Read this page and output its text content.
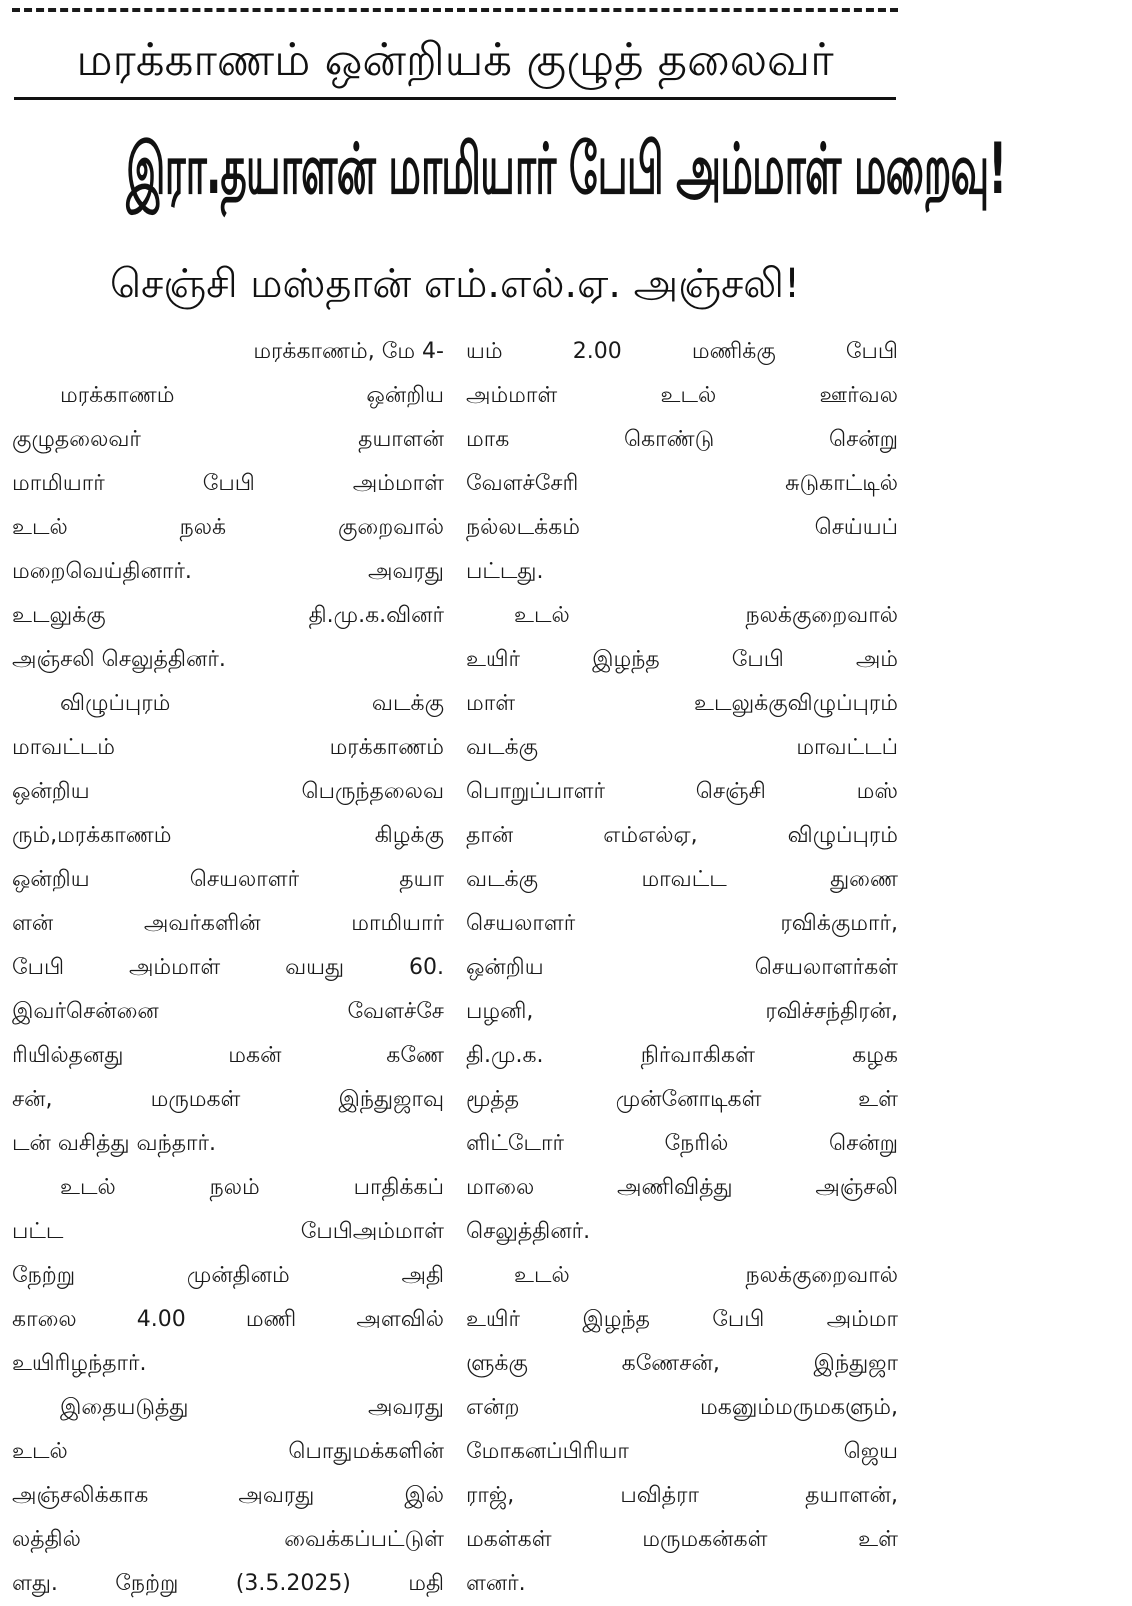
மரக்காணம் ஒன்றியக் குழுத் தலைவர்
இரா.தயாளன் மாமியார் பேபி அம்மாள் மறைவு!
செஞ்சி மஸ்தான் எம்.எல்.ஏ. அஞ்சலி!
மரக்காணம், மே 4-
மரக்காணம் ஒன்றிய
குழுதலைவர் தயாளன்
மாமியார் பேபி அம்மாள்
உடல் நலக் குறைவால்
மறைவெய்தினார். அவரது
உடலுக்கு தி.மு.க.வினர்
அஞ்சலி செலுத்தினர்.
விழுப்புரம் வடக்கு
மாவட்டம் மரக்காணம்
ஒன்றிய பெருந்தலைவ
ரும்,மரக்காணம் கிழக்கு
ஒன்றிய செயலாளர் தயா
ளன் அவர்களின் மாமியார்
பேபி அம்மாள் வயது 60.
இவர்சென்னை வேளச்சே
ரியில்தனது மகன் கணே
சன், மருமகள் இந்துஜாவு
டன் வசித்து வந்தார்.
உடல் நலம் பாதிக்கப்
பட்ட பேபிஅம்மாள்
நேற்று முன்தினம் அதி
காலை 4.00 மணி அளவில்
உயிரிழந்தார்.
இதையடுத்து அவரது
உடல் பொதுமக்களின்
அஞ்சலிக்காக அவரது இல்
லத்தில் வைக்கப்பட்டுள்
ளது. நேற்று (3.5.2025) மதி
யம் 2.00 மணிக்கு பேபி
அம்மாள் உடல் ஊர்வல
மாக கொண்டு சென்று
வேளச்சேரி சுடுகாட்டில்
நல்லடக்கம் செய்யப்
பட்டது.
உடல் நலக்குறைவால்
உயிர் இழந்த பேபி அம்
மாள் உடலுக்குவிழுப்புரம்
வடக்கு மாவட்டப்
பொறுப்பாளர் செஞ்சி மஸ்
தான் எம்எல்ஏ, விழுப்புரம்
வடக்கு மாவட்ட துணை
செயலாளர் ரவிக்குமார்,
ஒன்றிய செயலாளர்கள்
பழனி, ரவிச்சந்திரன்,
தி.மு.க. நிர்வாகிகள் கழக
மூத்த முன்னோடிகள் உள்
ளிட்டோர் நேரில் சென்று
மாலை அணிவித்து அஞ்சலி
செலுத்தினர்.
உடல் நலக்குறைவால்
உயிர் இழந்த பேபி அம்மா
ளுக்கு கணேசன், இந்துஜா
என்ற மகனும்மருமகளும்,
மோகனப்பிரியா ஜெய
ராஜ், பவித்ரா தயாளன்,
மகள்கள் மருமகன்கள் உள்
ளனர்.
